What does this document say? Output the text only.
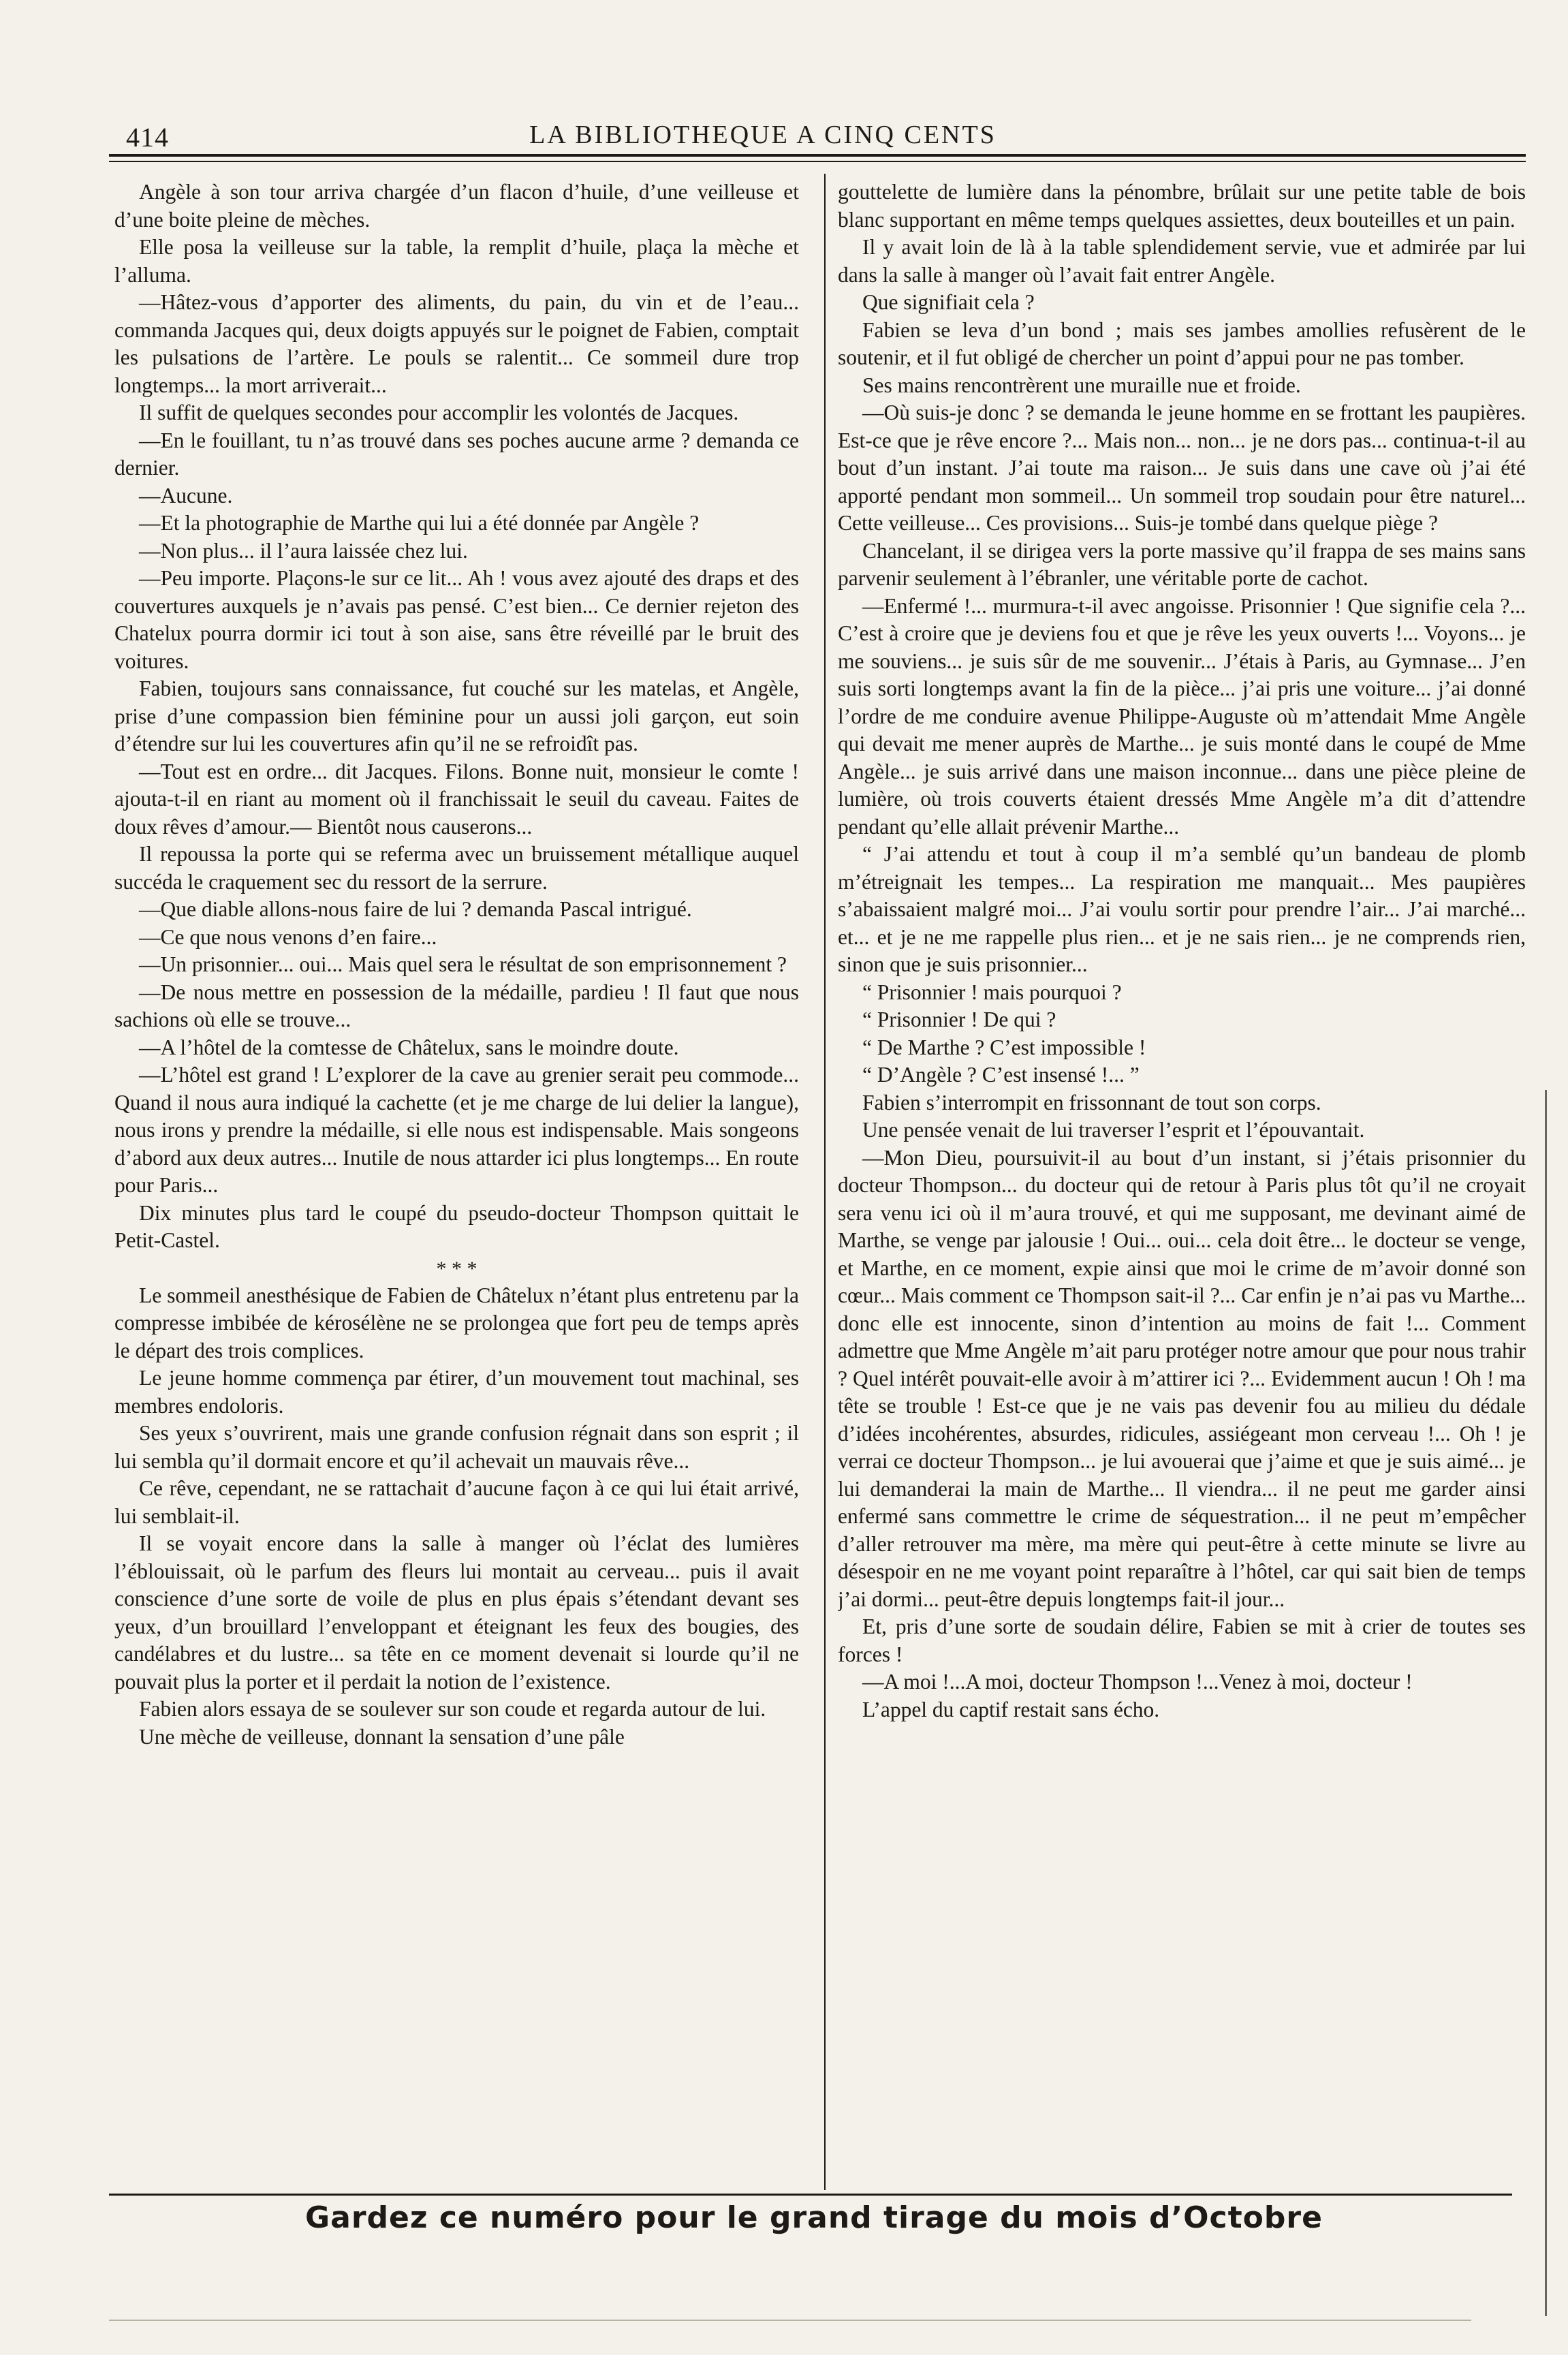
414	LA BIBLIOTHEQUE A CINQ CENTS

Angèle à son tour arriva chargée d’un flacon d’huile, d’une veilleuse et d’une boite pleine de mèches.

Elle posa la veilleuse sur la table, la remplit d’huile, plaça la mèche et l’alluma.

—Hâtez-vous d’apporter des aliments, du pain, du vin et de l’eau... commanda Jacques qui, deux doigts appuyés sur le poignet de Fabien, comptait les pulsations de l’artère. Le pouls se ralentit... Ce sommeil dure trop longtemps... la mort arriverait...

Il suffit de quelques secondes pour accomplir les volontés de Jacques.

—En le fouillant, tu n’as trouvé dans ses poches aucune arme ? demanda ce dernier.

—Aucune.

—Et la photographie de Marthe qui lui a été donnée par Angèle ?

—Non plus... il l’aura laissée chez lui.

—Peu importe. Plaçons-le sur ce lit... Ah ! vous avez ajouté des draps et des couvertures auxquels je n’avais pas pensé. C’est bien... Ce dernier rejeton des Chatelux pourra dormir ici tout à son aise, sans être réveillé par le bruit des voitures.

Fabien, toujours sans connaissance, fut couché sur les matelas, et Angèle, prise d’une compassion bien féminine pour un aussi joli garçon, eut soin d’étendre sur lui les couvertures afin qu’il ne se refroidît pas.

—Tout est en ordre... dit Jacques. Filons. Bonne nuit, monsieur le comte ! ajouta-t-il en riant au moment où il franchissait le seuil du caveau. Faites de doux rêves d’amour.— Bientôt nous causerons...

Il repoussa la porte qui se referma avec un bruissement métallique auquel succéda le craquement sec du ressort de la serrure.

—Que diable allons-nous faire de lui ? demanda Pascal intrigué.

—Ce que nous venons d’en faire...

—Un prisonnier... oui... Mais quel sera le résultat de son emprisonnement ?

—De nous mettre en possession de la médaille, pardieu ! Il faut que nous sachions où elle se trouve...

—A l’hôtel de la comtesse de Châtelux, sans le moindre doute.

—L’hôtel est grand ! L’explorer de la cave au grenier serait peu commode... Quand il nous aura indiqué la cachette (et je me charge de lui delier la langue), nous irons y prendre la médaille, si elle nous est indispensable. Mais songeons d’abord aux deux autres... Inutile de nous attarder ici plus longtemps... En route pour Paris...

Dix minutes plus tard le coupé du pseudo-docteur Thompson quittait le Petit-Castel.

* * *

Le sommeil anesthésique de Fabien de Châtelux n’étant plus entretenu par la compresse imbibée de kérosélène ne se prolongea que fort peu de temps après le départ des trois complices.

Le jeune homme commença par étirer, d’un mouvement tout machinal, ses membres endoloris.

Ses yeux s’ouvrirent, mais une grande confusion régnait dans son esprit ; il lui sembla qu’il dormait encore et qu’il achevait un mauvais rêve...

Ce rêve, cependant, ne se rattachait d’aucune façon à ce qui lui était arrivé, lui semblait-il.

Il se voyait encore dans la salle à manger où l’éclat des lumières l’éblouissait, où le parfum des fleurs lui montait au cerveau... puis il avait conscience d’une sorte de voile de plus en plus épais s’étendant devant ses yeux, d’un brouillard l’enveloppant et éteignant les feux des bougies, des candélabres et du lustre... sa tête en ce moment devenait si lourde qu’il ne pouvait plus la porter et il perdait la notion de l’existence.

Fabien alors essaya de se soulever sur son coude et regarda autour de lui.

Une mèche de veilleuse, donnant la sensation d’une pâle

gouttelette de lumière dans la pénombre, brûlait sur une petite table de bois blanc supportant en même temps quelques assiettes, deux bouteilles et un pain.

Il y avait loin de là à la table splendidement servie, vue et admirée par lui dans la salle à manger où l’avait fait entrer Angèle.

Que signifiait cela ?

Fabien se leva d’un bond ; mais ses jambes amollies refusèrent de le soutenir, et il fut obligé de chercher un point d’appui pour ne pas tomber.

Ses mains rencontrèrent une muraille nue et froide.

—Où suis-je donc ? se demanda le jeune homme en se frottant les paupières. Est-ce que je rêve encore ?... Mais non... non... je ne dors pas... continua-t-il au bout d’un instant. J’ai toute ma raison... Je suis dans une cave où j’ai été apporté pendant mon sommeil... Un sommeil trop soudain pour être naturel... Cette veilleuse... Ces provisions... Suis-je tombé dans quelque piège ?

Chancelant, il se dirigea vers la porte massive qu’il frappa de ses mains sans parvenir seulement à l’ébranler, une véritable porte de cachot.

—Enfermé !... murmura-t-il avec angoisse. Prisonnier ! Que signifie cela ?... C’est à croire que je deviens fou et que je rêve les yeux ouverts !... Voyons... je me souviens... je suis sûr de me souvenir... J’étais à Paris, au Gymnase... J’en suis sorti longtemps avant la fin de la pièce... j’ai pris une voiture... j’ai donné l’ordre de me conduire avenue Philippe-Auguste où m’attendait Mme Angèle qui devait me mener auprès de Marthe... je suis monté dans le coupé de Mme Angèle... je suis arrivé dans une maison inconnue... dans une pièce pleine de lumière, où trois couverts étaient dressés Mme Angèle m’a dit d’attendre pendant qu’elle allait prévenir Marthe...

“ J’ai attendu et tout à coup il m’a semblé qu’un bandeau de plomb m’étreignait les tempes... La respiration me manquait... Mes paupières s’abaissaient malgré moi... J’ai voulu sortir pour prendre l’air... J’ai marché... et... et je ne me rappelle plus rien... et je ne sais rien... je ne comprends rien, sinon que je suis prisonnier...

“ Prisonnier ! mais pourquoi ?

“ Prisonnier ! De qui ?

“ De Marthe ? C’est impossible !

“ D’Angèle ? C’est insensé !... ”

Fabien s’interrompit en frissonnant de tout son corps.

Une pensée venait de lui traverser l’esprit et l’épouvantait.

—Mon Dieu, poursuivit-il au bout d’un instant, si j’étais prisonnier du docteur Thompson... du docteur qui de retour à Paris plus tôt qu’il ne croyait sera venu ici où il m’aura trouvé, et qui me supposant, me devinant aimé de Marthe, se venge par jalousie ! Oui... oui... cela doit être... le docteur se venge, et Marthe, en ce moment, expie ainsi que moi le crime de m’avoir donné son cœur... Mais comment ce Thompson sait-il ?... Car enfin je n’ai pas vu Marthe... donc elle est innocente, sinon d’intention au moins de fait !... Comment admettre que Mme Angèle m’ait paru protéger notre amour que pour nous trahir ? Quel intérêt pouvait-elle avoir à m’attirer ici ?... Evidemment aucun ! Oh ! ma tête se trouble ! Est-ce que je ne vais pas devenir fou au milieu du dédale d’idées incohérentes, absurdes, ridicules, assiégeant mon cerveau !... Oh ! je verrai ce docteur Thompson... je lui avouerai que j’aime et que je suis aimé... je lui demanderai la main de Marthe... Il viendra... il ne peut me garder ainsi enfermé sans commettre le crime de séquestration... il ne peut m’empêcher d’aller retrouver ma mère, ma mère qui peut-être à cette minute se livre au désespoir en ne me voyant point reparaître à l’hôtel, car qui sait bien de temps j’ai dormi... peut-être depuis longtemps fait-il jour...

Et, pris d’une sorte de soudain délire, Fabien se mit à crier de toutes ses forces !

—A moi !...A moi, docteur Thompson !...Venez à moi, docteur !

L’appel du captif restait sans écho.

Gardez ce numéro pour le grand tirage du mois d’Octobre
